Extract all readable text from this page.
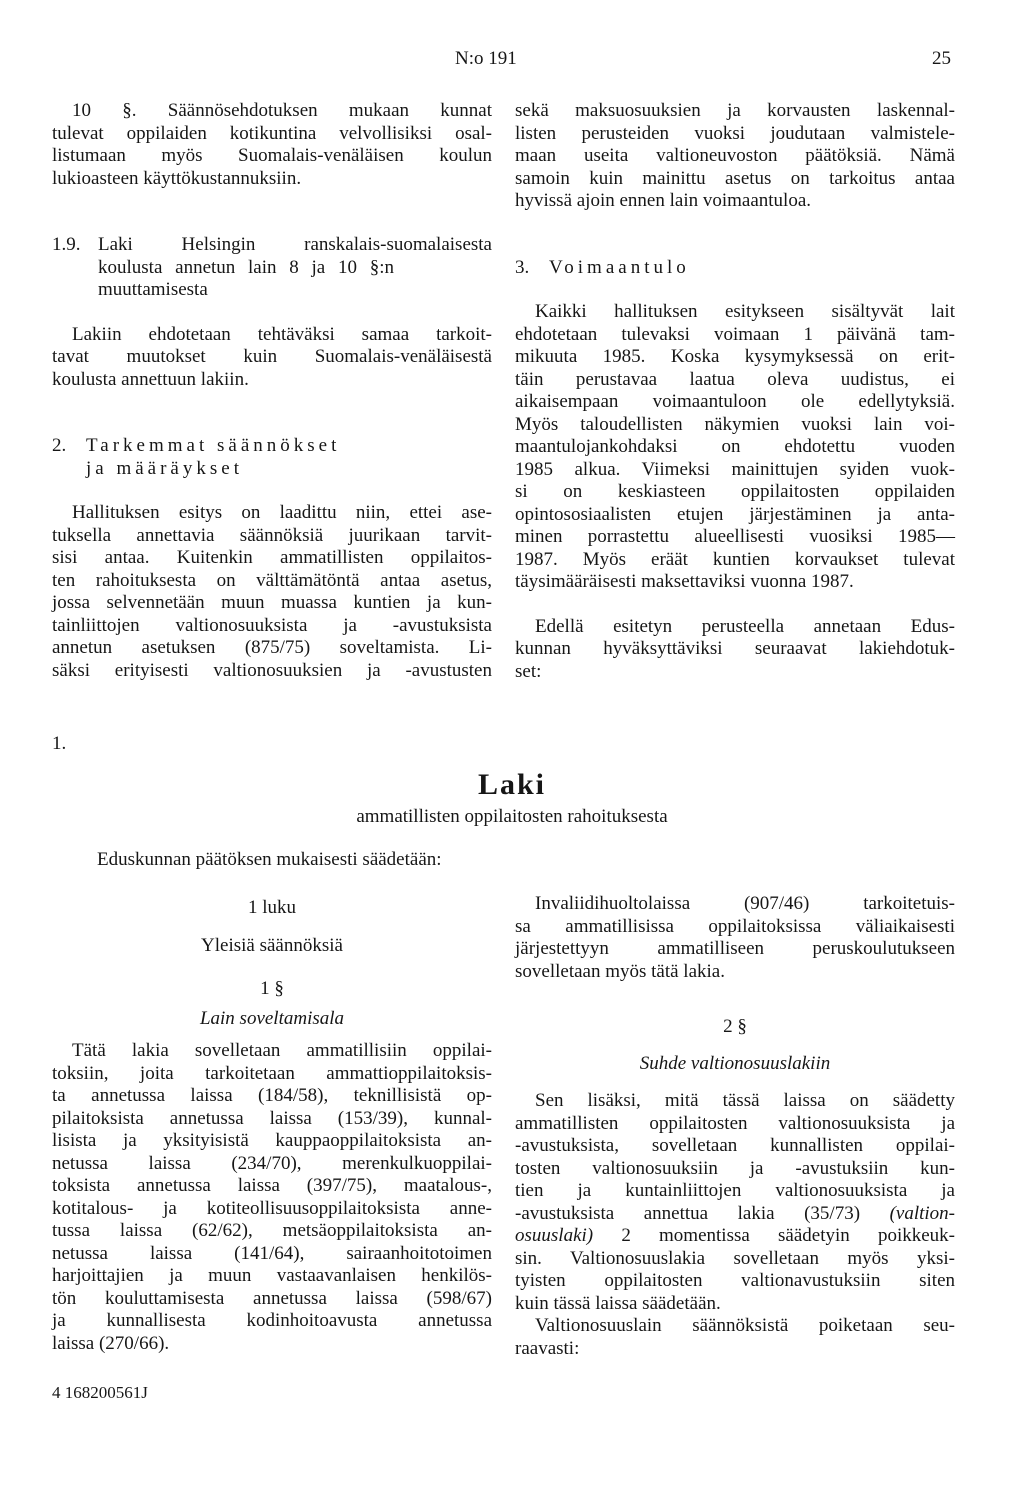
N:o 191	25
10 §. Säännösehdotuksen mukaan kunnat
tulevat oppilaiden kotikuntina velvollisiksi osal-
listumaan myös Suomalais-venäläisen koulun
lukioasteen käyttökustannuksiin.
1.9. Laki Helsingin ranskalais-suomalaisesta
koulusta annetun lain 8 ja 10 §:n
muuttamisesta
Lakiin ehdotetaan tehtäväksi samaa tarkoit-
tavat muutokset kuin Suomalais-venäläisestä
koulusta annettuun lakiin.
2. Tarkemmat säännökset
ja määräykset
Hallituksen esitys on laadittu niin, ettei ase-
tuksella annettavia säännöksiä juurikaan tarvit-
sisi antaa. Kuitenkin ammatillisten oppilaitos-
ten rahoituksesta on välttämätöntä antaa asetus,
jossa selvennetään muun muassa kuntien ja kun-
tainliittojen valtionosuuksista ja -avustuksista
annetun asetuksen (875/75) soveltamista. Li-
säksi erityisesti valtionosuuksien ja -avustusten
sekä maksuosuuksien ja korvausten laskennal-
listen perusteiden vuoksi joudutaan valmistele-
maan useita valtioneuvoston päätöksiä. Nämä
samoin kuin mainittu asetus on tarkoitus antaa
hyvissä ajoin ennen lain voimaantuloa.
3. Voimaantulo
Kaikki hallituksen esitykseen sisältyvät lait
ehdotetaan tulevaksi voimaan 1 päivänä tam-
mikuuta 1985. Koska kysymyksessä on erit-
täin perustavaa laatua oleva uudistus, ei
aikaisempaan voimaantuloon ole edellytyksiä.
Myös taloudellisten näkymien vuoksi lain voi-
maantulojankohdaksi on ehdotettu vuoden
1985 alkua. Viimeksi mainittujen syiden vuok-
si on keskiasteen oppilaitosten oppilaiden
opintososiaalisten etujen järjestäminen ja anta-
minen porrastettu alueellisesti vuosiksi 1985—
1987. Myös eräät kuntien korvaukset tulevat
täysimääräisesti maksettaviksi vuonna 1987.
Edellä esitetyn perusteella annetaan Edus-
kunnan hyväksyttäviksi seuraavat lakiehdotuk-
set:
1.
Laki
ammatillisten oppilaitosten rahoituksesta
Eduskunnan päätöksen mukaisesti säädetään:
1 luku
Yleisiä säännöksiä
1 §
Lain soveltamisala
Tätä lakia sovelletaan ammatillisiin oppilai-
toksiin, joita tarkoitetaan ammattioppilaitoksis-
ta annetussa laissa (184/58), teknillisistä op-
pilaitoksista annetussa laissa (153/39), kunnal-
lisista ja yksityisistä kauppaoppilaitoksista an-
netussa laissa (234/70), merenkulkuoppilai-
toksista annetussa laissa (397/75), maatalous-,
kotitalous- ja kotiteollisuusoppilaitoksista anne-
tussa laissa (62/62), metsäoppilaitoksista an-
netussa laissa (141/64), sairaanhoitotoimen
harjoittajien ja muun vastaavanlaisen henkilös-
tön kouluttamisesta annetussa laissa (598/67)
ja kunnallisesta kodinhoitoavusta annetussa
laissa (270/66).
Invaliidihuoltolaissa (907/46) tarkoitetuis-
sa ammatillisissa oppilaitoksissa väliaikaisesti
järjestettyyn ammatilliseen peruskoulutukseen
sovelletaan myös tätä lakia.
2 §
Suhde valtionosuuslakiin
Sen lisäksi, mitä tässä laissa on säädetty
ammatillisten oppilaitosten valtionosuuksista ja
-avustuksista, sovelletaan kunnallisten oppilai-
tosten valtionosuuksiin ja -avustuksiin kun-
tien ja kuntainliittojen valtionosuuksista ja
-avustuksista annettua lakia (35/73) (valtion-
osuuslaki) 2 momentissa säädetyin poikkeuk-
sin. Valtionosuuslakia sovelletaan myös yksi-
tyisten oppilaitosten valtionavustuksiin siten
kuin tässä laissa säädetään.
Valtionosuuslain säännöksistä poiketaan seu-
raavasti:
4 168200561J
